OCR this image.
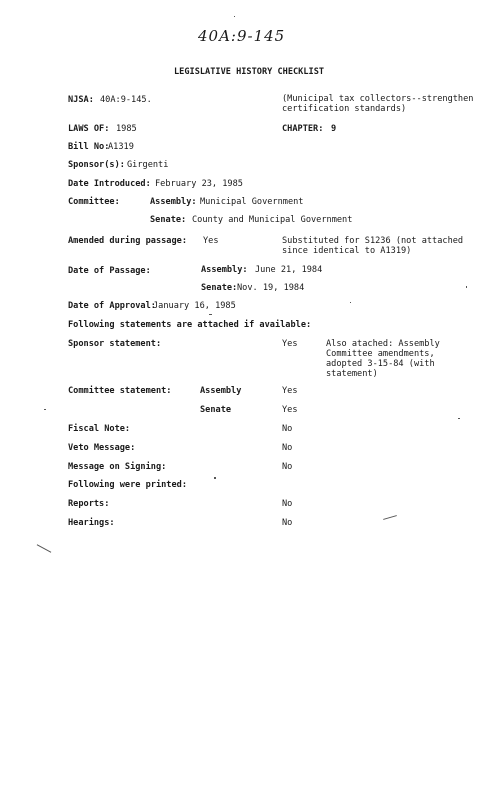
40A:9-145
LEGISLATIVE HISTORY CHECKLIST
NJSA: 40A:9-145.	(Municipal tax collectors--strengthen
certification standards)
LAWS OF: 1985	CHAPTER: 9
Bill No:
A1319
Sponsor(s): Girgenti
Date Introduced: February 23, 1985
Committee:	Assembly: Municipal Government
Senate: County and Municipal Government
Amended during passage: Yes	Substituted for S1236 (not attached
since identical to A1319)
Date of Passage:	Assembly: June 21, 1984
Senate: Nov. 19, 1984
Date of Approval:
January 16, 1985
Following statements are attached if available:
Sponsor statement:	Yes	Also atached: Assembly
Committee amendments,
adopted 3-15-84 (with
statement)
Committee statement:	Assembly	Yes
Senate	Yes
Fiscal Note:	No
Veto Message:	No
Message on Signing:	No
Following were printed:
Reports:	No
Hearings:	No
